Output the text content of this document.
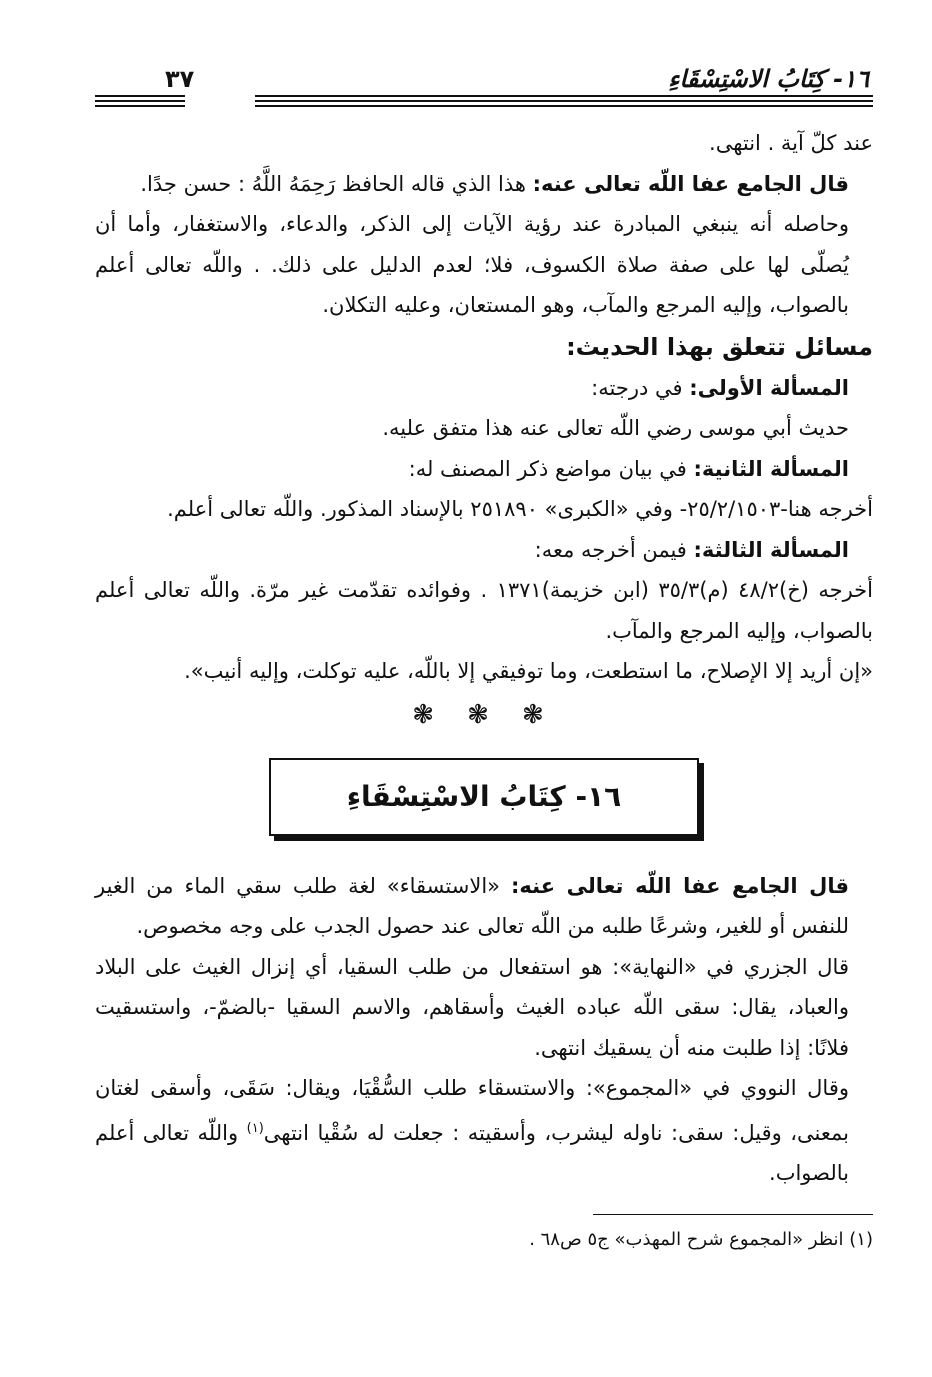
١٦- كِتَابُ الاسْتِسْقَاءِ
٣٧

عند كلّ آية . انتهى.

قال الجامع عفا اللّه تعالى عنه: هذا الذي قاله الحافظ رَحِمَهُ اللَّهُ : حسن جدًا.

وحاصله أنه ينبغي المبادرة عند رؤية الآيات إلى الذكر، والدعاء، والاستغفار، وأما أن يُصلّى لها على صفة صلاة الكسوف، فلا؛ لعدم الدليل على ذلك. . واللّه تعالى أعلم بالصواب، وإليه المرجع والمآب، وهو المستعان، وعليه التكلان.

مسائل تتعلق بهذا الحديث:

المسألة الأولى: في درجته:

حديث أبي موسى رضي اللّه تعالى عنه هذا متفق عليه.

المسألة الثانية: في بيان مواضع ذكر المصنف له:

أخرجه هنا-٢٥/٢/١٥٠٣- وفي «الكبرى» ٢٥١٨٩٠ بالإسناد المذكور. واللّه تعالى أعلم.

المسألة الثالثة: فيمن أخرجه معه:

أخرجه (خ)٤٨/٢ (م)٣٥/٣ (ابن خزيمة)١٣٧١ . وفوائده تقدّمت غير مرّة. واللّه تعالى أعلم بالصواب، وإليه المرجع والمآب.

«إن أريد إلا الإصلاح، ما استطعت، وما توفيقي إلا باللّه، عليه توكلت، وإليه أنيب».

❃ ❃ ❃
١٦- كِتَابُ الاسْتِسْقَاءِ

قال الجامع عفا اللّه تعالى عنه: «الاستسقاء» لغة طلب سقي الماء من الغير للنفس أو للغير، وشرعًا طلبه من اللّه تعالى عند حصول الجدب على وجه مخصوص.

قال الجزري في «النهاية»: هو استفعال من طلب السقيا، أي إنزال الغيث على البلاد والعباد، يقال: سقى اللّه عباده الغيث وأسقاهم، والاسم السقيا -بالضمّ-، واستسقيت فلانًا: إذا طلبت منه أن يسقيك انتهى.

وقال النووي في «المجموع»: والاستسقاء طلب السُّقْيَا، ويقال: سَقَى، وأسقى لغتان بمعنى، وقيل: سقى: ناوله ليشرب، وأسقيته : جعلت له سُقْيا انتهى$^{(١)}$ واللّه تعالى أعلم بالصواب.

(١) انظر «المجموع شرح المهذب» ج٥ ص٦٨ .
